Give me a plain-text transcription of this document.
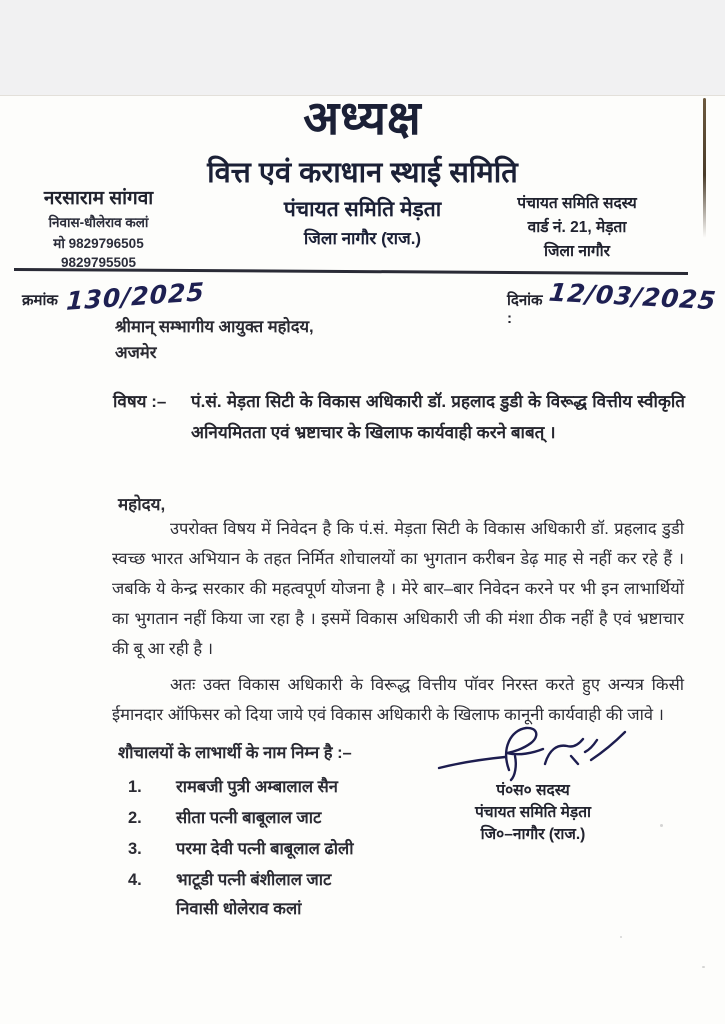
अध्यक्ष
वित्त एवं कराधान स्थाई समिति
पंचायत समिति मेड़ता
जिला नागौर (राज.)
नरसाराम सांगवा
निवास-धौलेराव कलां
मो 9829796505
9829795505
पंचायत समिति सदस्य
वार्ड नं. 21, मेड़ता
जिला नागौर
क्रमांक 130/2025	दिनांक :
12/03/2025
श्रीमान् सम्भागीय आयुक्त महोदय,
अजमेर
विषय :–	पं.सं. मेड़ता सिटी के विकास अधिकारी डॉ. प्रहलाद डुडी के विरूद्ध वित्तीय स्वीकृति अनियमितता एवं भ्रष्टाचार के खिलाफ कार्यवाही करने बाबत् ।
महोदय,
उपरोक्त विषय में निवेदन है कि पं.सं. मेड़ता सिटी के विकास अधिकारी डॉ. प्रहलाद डुडी स्वच्छ भारत अभियान के तहत निर्मित शोचालयों का भुगतान करीबन डेढ़ माह से नहीं कर रहे हैं । जबकि ये केन्द्र सरकार की महत्वपूर्ण योजना है । मेरे बार–बार निवेदन करने पर भी इन लाभार्थियों का भुगतान नहीं किया जा रहा है । इसमें विकास अधिकारी जी की मंशा ठीक नहीं है एवं भ्रष्टाचार की बू आ रही है ।
अतः उक्त विकास अधिकारी के विरूद्ध वित्तीय पॉवर निरस्त करते हुए अन्यत्र किसी ईमानदार ऑफिसर को दिया जाये एवं विकास अधिकारी के खिलाफ कानूनी कार्यवाही की जावे ।
शौचालयों के लाभार्थी के नाम निम्न है :–
1.	रामबजी पुत्री अम्बालाल सैन
2.	सीता पत्नी बाबूलाल जाट
3.	परमा देवी पत्नी बाबूलाल ढोली
4.	भाटूडी पत्नी बंशीलाल जाट
निवासी धोलेराव कलां
पं०स० सदस्य
पंचायत समिति मेड़ता
जि०–नागौर (राज.)
